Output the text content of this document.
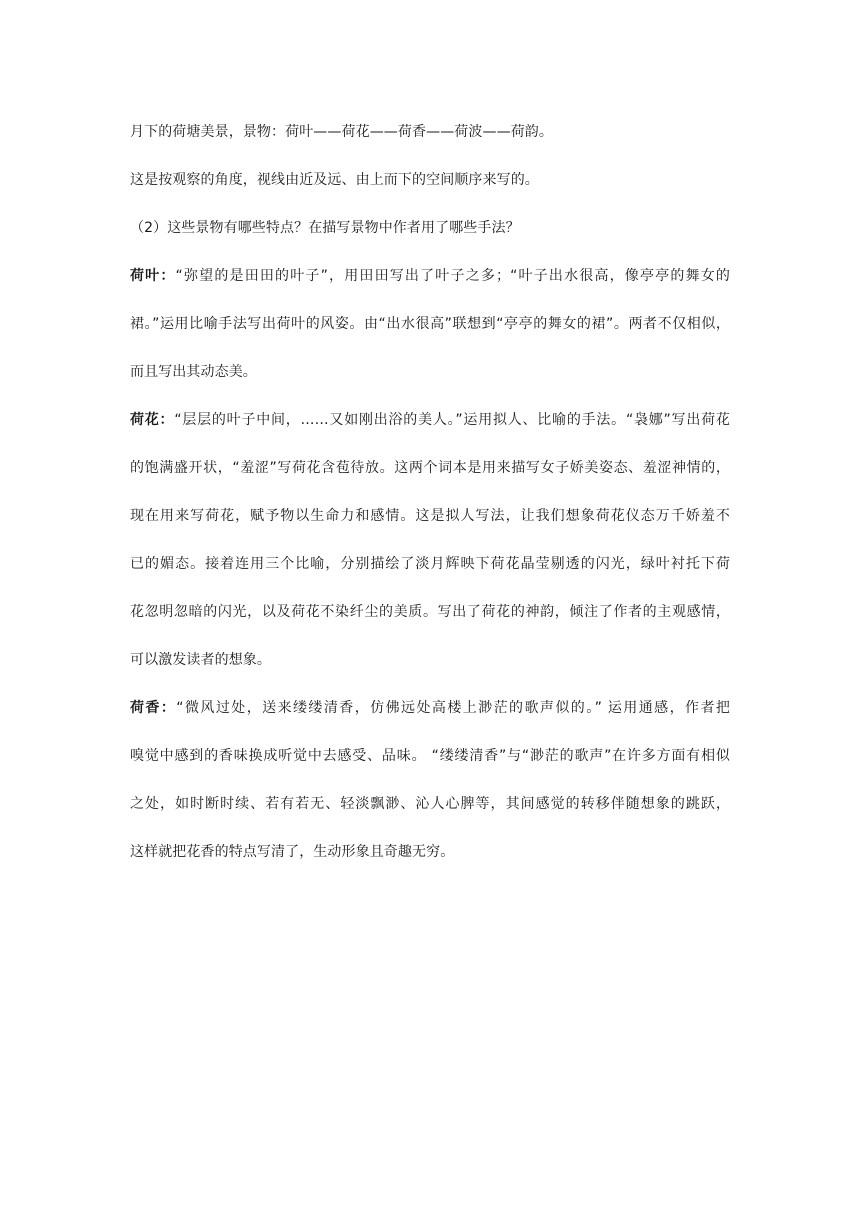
月下的荷塘美景，景物：荷叶——荷花——荷香——荷波——荷韵。
这是按观察的角度，视线由近及远、由上而下的空间顺序来写的。
（2）这些景物有哪些特点？在描写景物中作者用了哪些手法？
荷叶：“弥望的是田田的叶子”，用田田写出了叶子之多；“叶子出水很高，像亭亭的舞女的
裙。”运用比喻手法写出荷叶的风姿。由“出水很高”联想到“亭亭的舞女的裙”。两者不仅相似，
而且写出其动态美。
荷花：“层层的叶子中间，……又如刚出浴的美人。”运用拟人、比喻的手法。“袅娜”写出荷花
的饱满盛开状，“羞涩”写荷花含苞待放。这两个词本是用来描写女子娇美姿态、羞涩神情的，
现在用来写荷花，赋予物以生命力和感情。这是拟人写法，让我们想象荷花仪态万千娇羞不
已的媚态。接着连用三个比喻，分别描绘了淡月辉映下荷花晶莹剔透的闪光，绿叶衬托下荷
花忽明忽暗的闪光，以及荷花不染纤尘的美质。写出了荷花的神韵，倾注了作者的主观感情，
可以激发读者的想象。
荷香：“微风过处，送来缕缕清香，仿佛远处高楼上渺茫的歌声似的。” 运用通感，作者把
嗅觉中感到的香味换成听觉中去感受、品味。 “缕缕清香”与“渺茫的歌声”在许多方面有相似
之处，如时断时续、若有若无、轻淡飘渺、沁人心脾等，其间感觉的转移伴随想象的跳跃，
这样就把花香的特点写清了，生动形象且奇趣无穷。
